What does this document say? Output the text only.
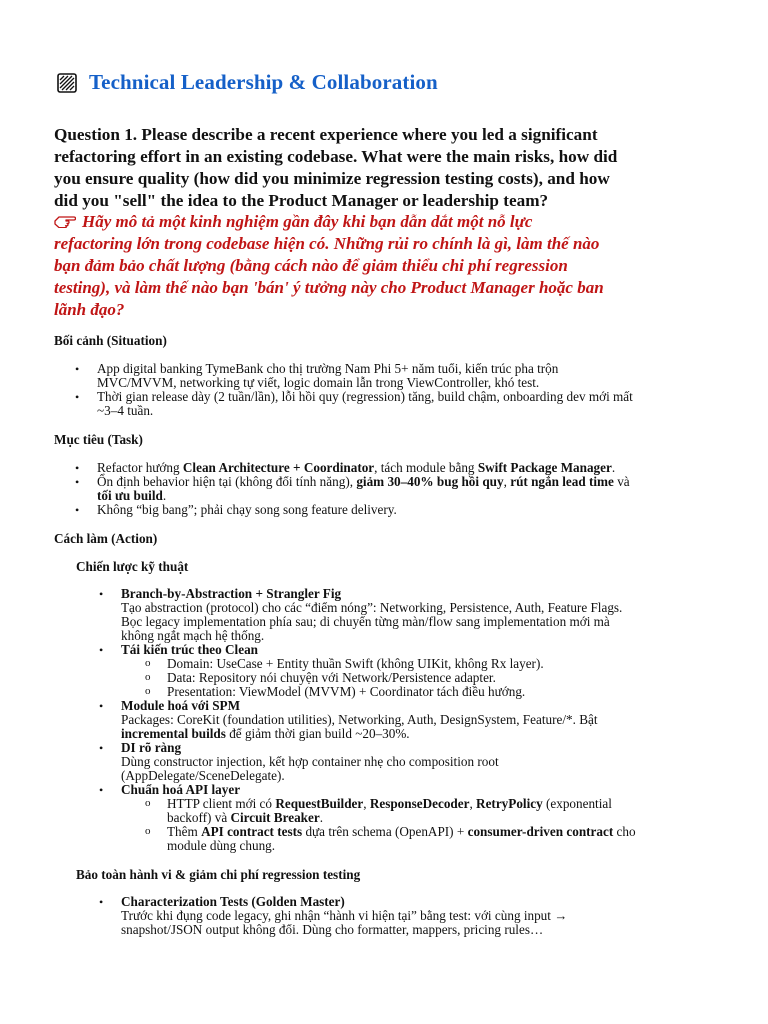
Technical Leadership & Collaboration

Question 1. Please describe a recent experience where you led a significant

refactoring effort in an existing codebase. What were the main risks, how did

you ensure quality (how did you minimize regression testing costs), and how

did you "sell" the idea to the Product Manager or leadership team?

Hãy mô tả một kinh nghiệm gần đây khi bạn dẫn dắt một nỗ lực

refactoring lớn trong codebase hiện có. Những rủi ro chính là gì, làm thế nào

bạn đảm bảo chất lượng (bằng cách nào để giảm thiểu chi phí regression

testing), và làm thế nào bạn 'bán' ý tưởng này cho Product Manager hoặc ban

lãnh đạo?

Bối cảnh (Situation)
• App digital banking TymeBank cho thị trường Nam Phi 5+ năm tuổi, kiến trúc pha trộn
MVC/MVVM, networking tự viết, logic domain lẫn trong ViewController, khó test.
• Thời gian release dày (2 tuần/lần), lỗi hồi quy (regression) tăng, build chậm, onboarding dev mới mất
~3–4 tuần.
Mục tiêu (Task)
• Refactor hướng Clean Architecture + Coordinator, tách module bằng Swift Package Manager.
• Ổn định behavior hiện tại (không đổi tính năng), giảm 30–40% bug hồi quy, rút ngắn lead time và
tối ưu build.
• Không “big bang”; phải chạy song song feature delivery.
Cách làm (Action)
Chiến lược kỹ thuật
• Branch-by-Abstraction + Strangler Fig
Tạo abstraction (protocol) cho các “điểm nóng”: Networking, Persistence, Auth, Feature Flags.
Bọc legacy implementation phía sau; di chuyển từng màn/flow sang implementation mới mà
không ngắt mạch hệ thống.
• Tái kiến trúc theo Clean
o Domain: UseCase + Entity thuần Swift (không UIKit, không Rx layer).
o Data: Repository nói chuyện với Network/Persistence adapter.
o Presentation: ViewModel (MVVM) + Coordinator tách điều hướng.
• Module hoá với SPM
Packages: CoreKit (foundation utilities), Networking, Auth, DesignSystem, Feature/*. Bật
incremental builds để giảm thời gian build ~20–30%.
• DI rõ ràng
Dùng constructor injection, kết hợp container nhẹ cho composition root
(AppDelegate/SceneDelegate).
• Chuẩn hoá API layer
o HTTP client mới có RequestBuilder, ResponseDecoder, RetryPolicy (exponential
backoff) và Circuit Breaker.
o Thêm API contract tests dựa trên schema (OpenAPI) + consumer-driven contract cho
module dùng chung.
Bảo toàn hành vi & giảm chi phí regression testing
• Characterization Tests (Golden Master)
Trước khi đụng code legacy, ghi nhận “hành vi hiện tại” bằng test: với cùng input →
snapshot/JSON output không đổi. Dùng cho formatter, mappers, pricing rules…
